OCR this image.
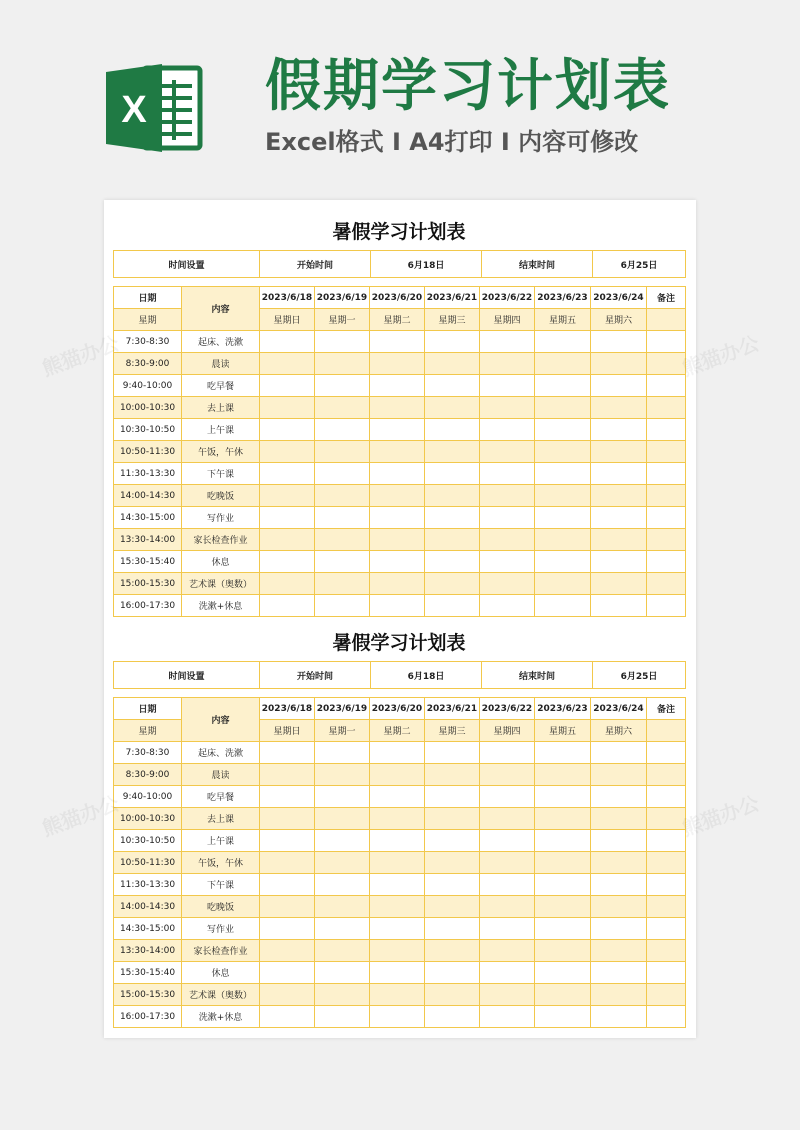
X 假期学习计划表
Excel格式 I A4打印 I 内容可修改
暑假学习计划表
时间设置	开始时间	6月18日	结束时间	6月25日
日期	内容	2023/6/18	2023/6/19	2023/6/20	2023/6/21	2023/6/22	2023/6/23	2023/6/24	备注
星期		星期日	星期一	星期二	星期三	星期四	星期五	星期六	
7:30-8:30	起床、洗漱								
8:30-9:00	晨读								
9:40-10:00	吃早餐								
10:00-10:30	去上课								
10:30-10:50	上午课								
10:50-11:30	午饭，午休								
11:30-13:30	下午课								
14:00-14:30	吃晚饭								
14:30-15:00	写作业								
13:30-14:00	家长检查作业								
15:30-15:40	休息								
15:00-15:30	艺术课（奥数）								
16:00-17:30	洗漱+休息								
暑假学习计划表
时间设置	开始时间	6月18日	结束时间	6月25日
日期	内容	2023/6/18	2023/6/19	2023/6/20	2023/6/21	2023/6/22	2023/6/23	2023/6/24	备注
星期		星期日	星期一	星期二	星期三	星期四	星期五	星期六	
7:30-8:30	起床、洗漱								
8:30-9:00	晨读								
9:40-10:00	吃早餐								
10:00-10:30	去上课								
10:30-10:50	上午课								
10:50-11:30	午饭，午休								
11:30-13:30	下午课								
14:00-14:30	吃晚饭								
14:30-15:00	写作业								
13:30-14:00	家长检查作业								
15:30-15:40	休息								
15:00-15:30	艺术课（奥数）								
16:00-17:30	洗漱+休息								
熊猫办公	熊猫办公
熊猫办公	熊猫办公
